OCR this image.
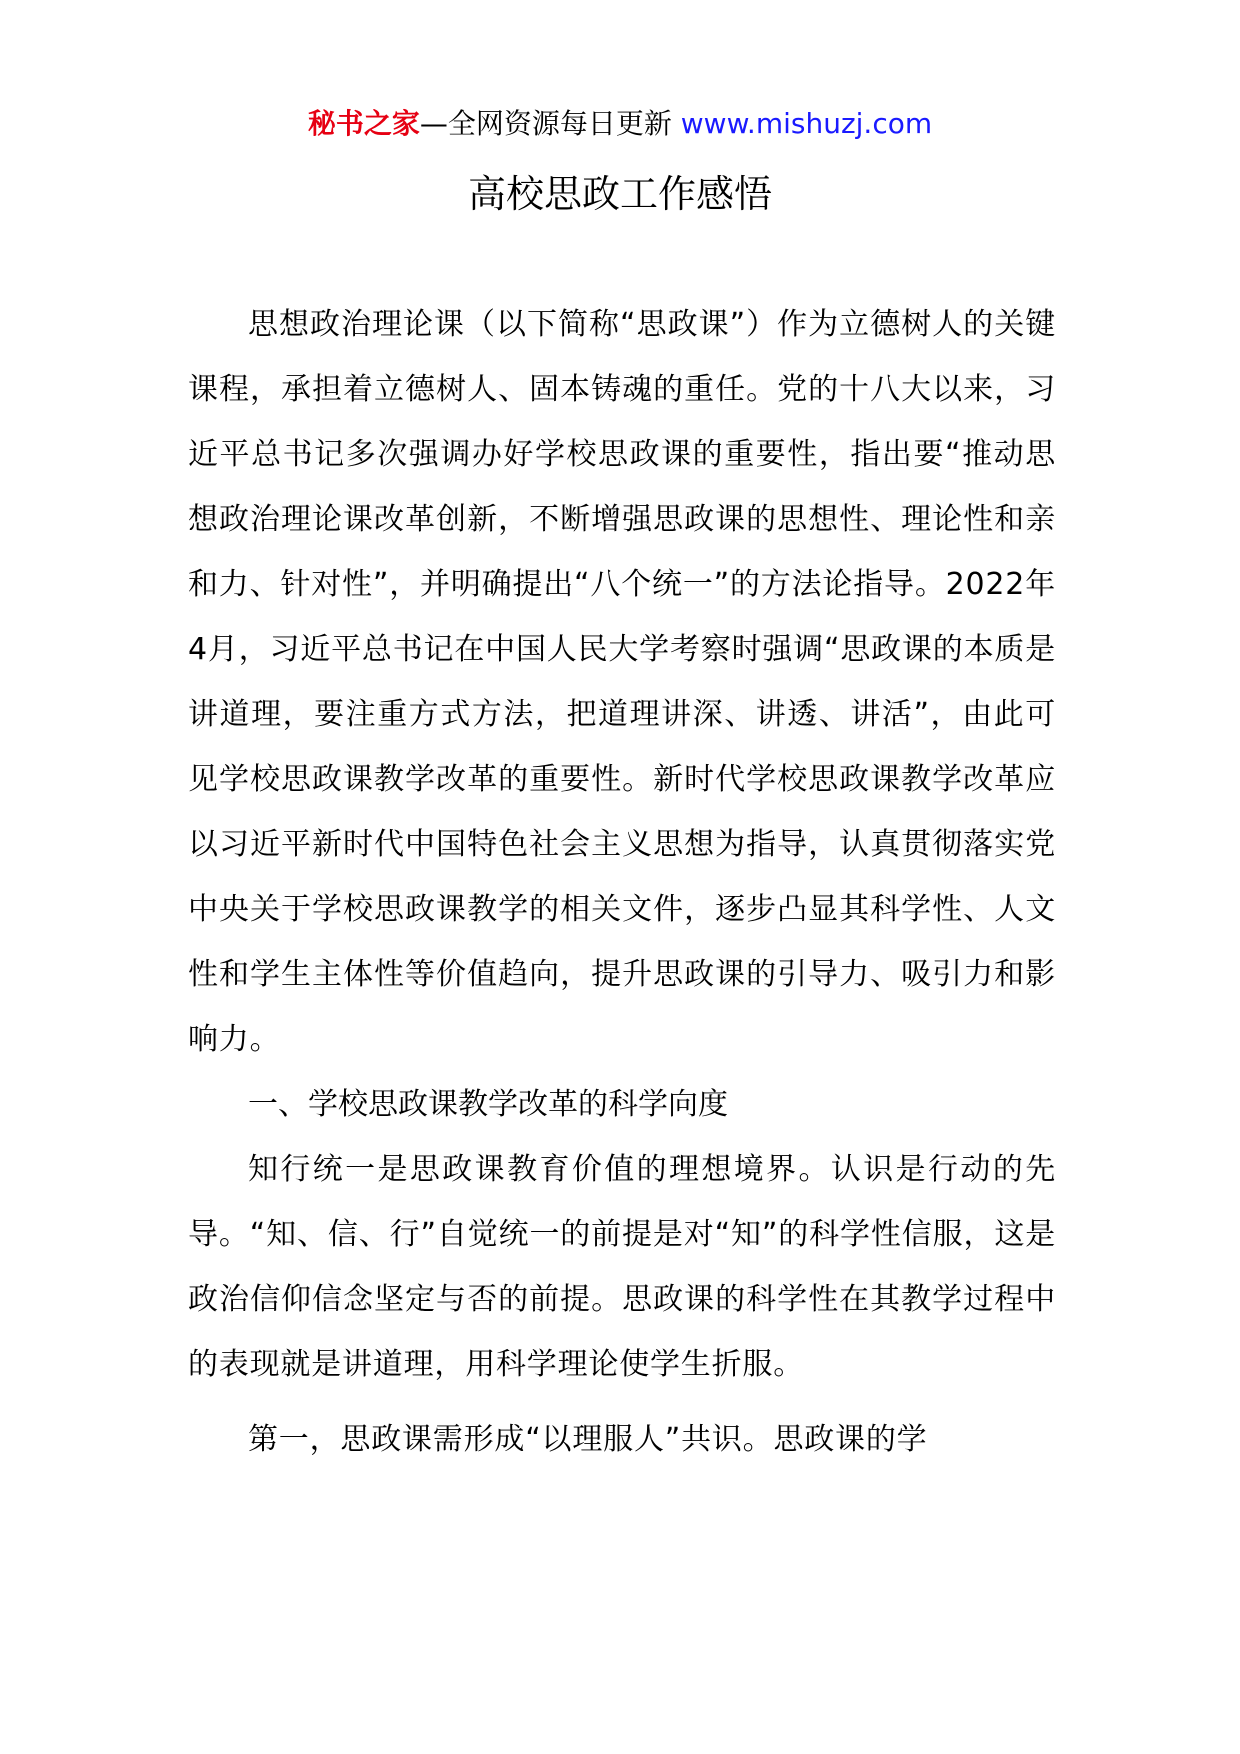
秘书之家—全网资源每日更新 www.mishuzj.com
高校思政工作感悟

思想政治理论课（以下简称“思政课”）作为立德树人的关键课程，承担着立德树人、固本铸魂的重任。党的十八大以来，习近平总书记多次强调办好学校思政课的重要性，指出要“推动思想政治理论课改革创新，不断增强思政课的思想性、理论性和亲和力、针对性”，并明确提出“八个统一”的方法论指导。2022年4月，习近平总书记在中国人民大学考察时强调“思政课的本质是讲道理，要注重方式方法，把道理讲深、讲透、讲活”，由此可见学校思政课教学改革的重要性。新时代学校思政课教学改革应以习近平新时代中国特色社会主义思想为指导，认真贯彻落实党中央关于学校思政课教学的相关文件，逐步凸显其科学性、人文性和学生主体性等价值趋向，提升思政课的引导力、吸引力和影响力。

一、学校思政课教学改革的科学向度

知行统一是思政课教育价值的理想境界。认识是行动的先导。“知、信、行”自觉统一的前提是对“知”的科学性信服，这是政治信仰信念坚定与否的前提。思政课的科学性在其教学过程中的表现就是讲道理，用科学理论使学生折服。

第一，思政课需形成“以理服人”共识。思政课的学
